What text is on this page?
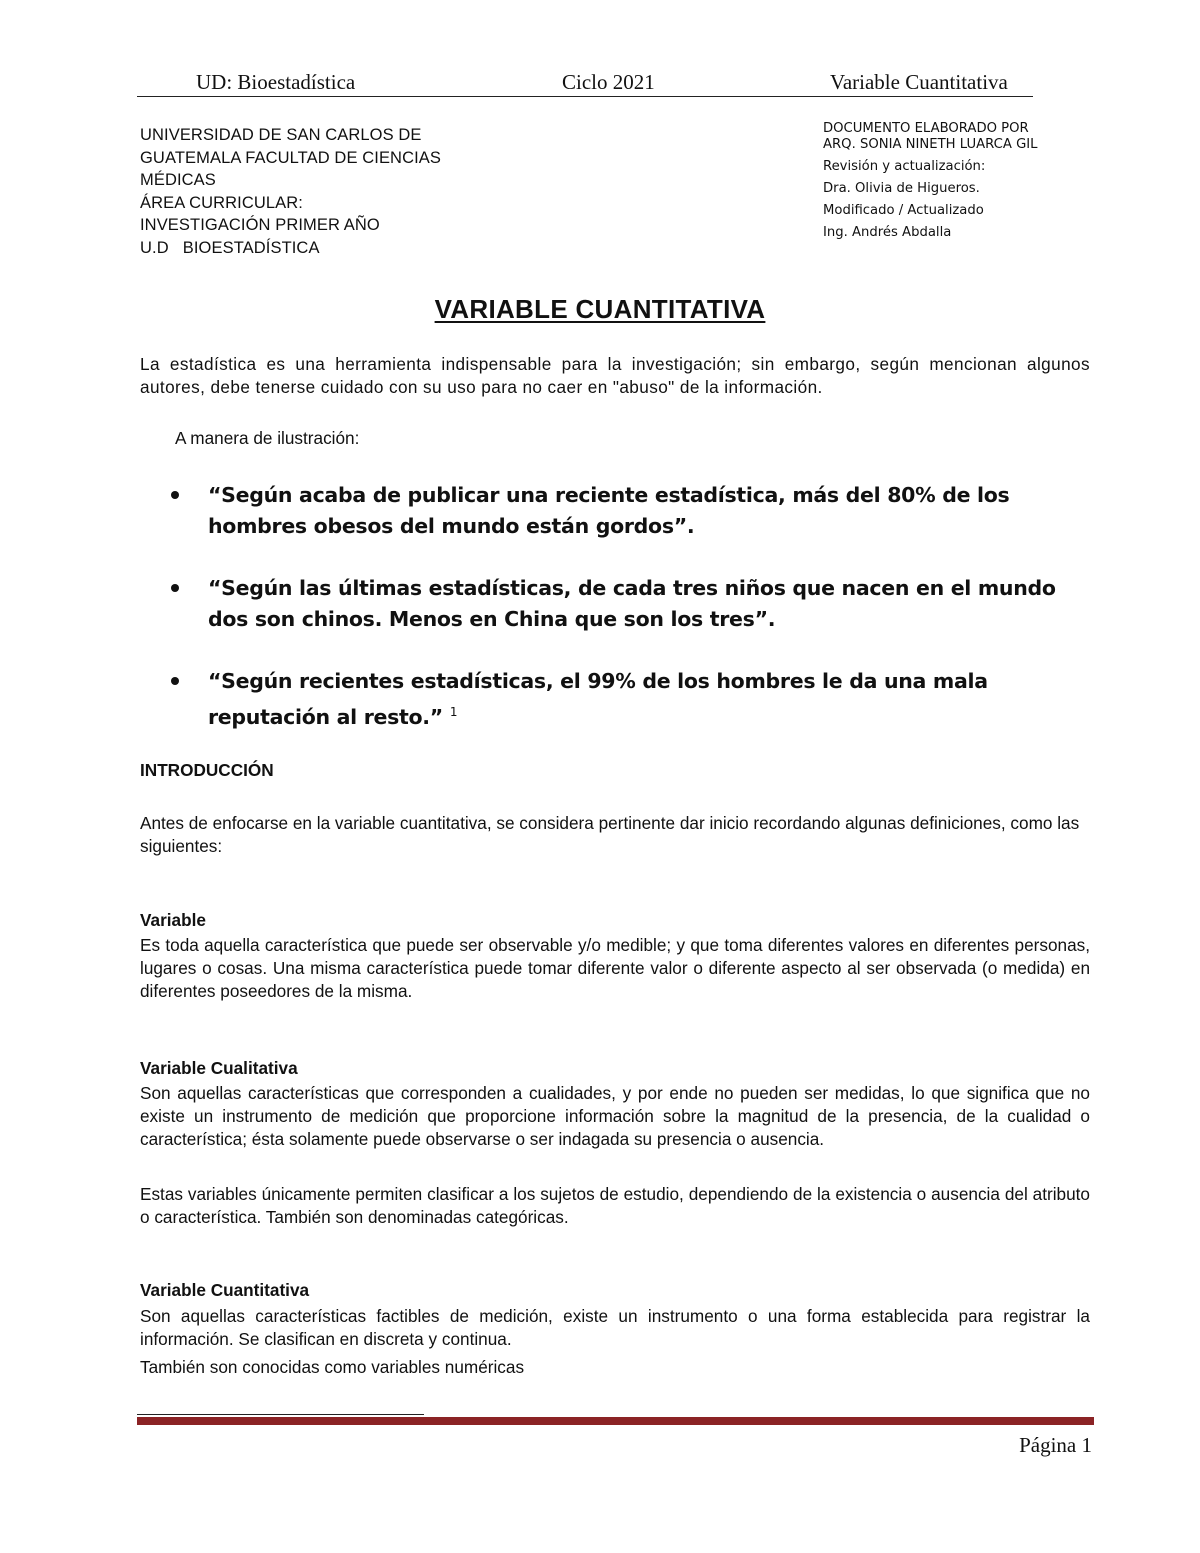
UD: Bioestadística	Ciclo 2021	Variable Cuantitativa
UNIVERSIDAD DE SAN CARLOS DE
GUATEMALA FACULTAD DE CIENCIAS
MÉDICAS
ÁREA CURRICULAR:
INVESTIGACIÓN PRIMER AÑO
U.D   BIOESTADÍSTICA
DOCUMENTO ELABORADO POR
ARQ. SONIA NINETH LUARCA GIL
Revisión y actualización:
Dra. Olivia de Higueros.
Modificado / Actualizado
Ing. Andrés Abdalla
VARIABLE CUANTITATIVA

La estadística es una herramienta indispensable para la investigación; sin embargo, según mencionan algunos autores, debe tenerse cuidado con su uso para no caer en "abuso" de la información.

A manera de ilustración:

“Según acaba de publicar una reciente estadística, más del 80% de los hombres obesos del mundo están gordos”.
“Según las últimas estadísticas, de cada tres niños que nacen en el mundo dos son chinos. Menos en China que son los tres”.
“Según recientes estadísticas, el 99% de los hombres le da una mala reputación al resto.” $^1$
INTRODUCCIÓN

Antes de enfocarse en la variable cuantitativa, se considera pertinente dar inicio recordando algunas definiciones, como las siguientes:

Variable

Es toda aquella característica que puede ser observable y/o medible; y que toma diferentes valores en diferentes personas, lugares o cosas. Una misma característica puede tomar diferente valor o diferente aspecto al ser observada (o medida) en diferentes poseedores de la misma.

Variable Cualitativa

Son aquellas características que corresponden a cualidades, y por ende no pueden ser medidas, lo que significa que no existe un instrumento de medición que proporcione información sobre la magnitud de la presencia, de la cualidad o característica; ésta solamente puede observarse o ser indagada su presencia o ausencia.

Estas variables únicamente permiten clasificar a los sujetos de estudio, dependiendo de la existencia o ausencia del atributo o característica. También son denominadas categóricas.

Variable Cuantitativa

Son aquellas características factibles de medición, existe un instrumento o una forma establecida para registrar la información. Se clasifican en discreta y continua.

También son conocidas como variables numéricas

Página 1
